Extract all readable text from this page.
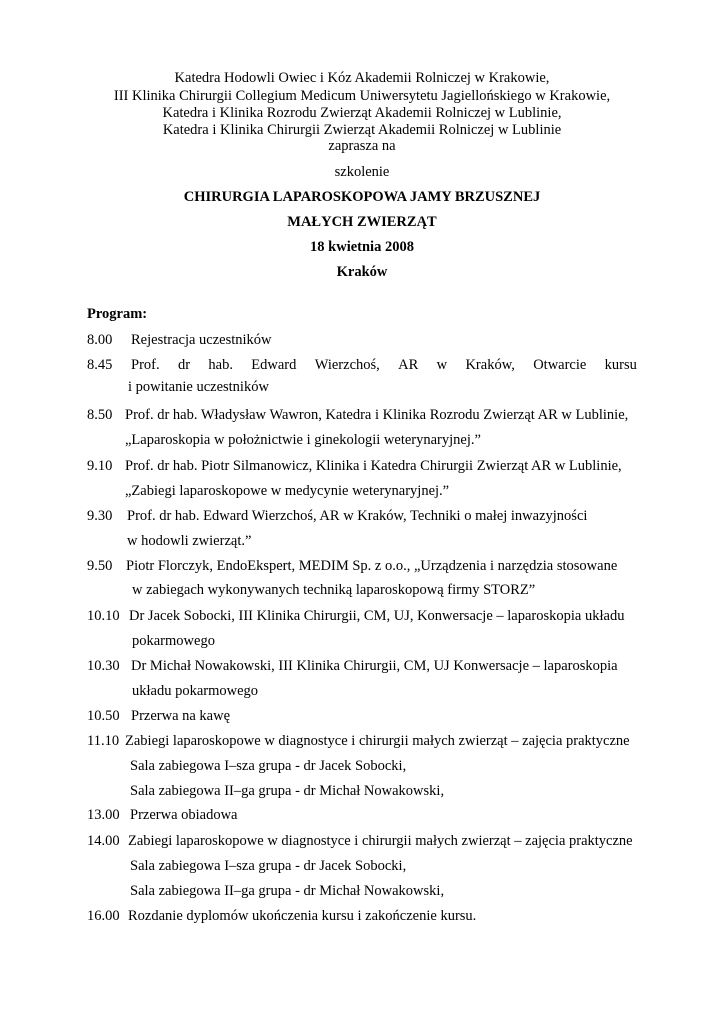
Katedra Hodowli Owiec i Kóz Akademii Rolniczej w Krakowie,
III Klinika Chirurgii Collegium Medicum Uniwersytetu Jagiellońskiego w Krakowie,
Katedra i Klinika Rozrodu Zwierząt Akademii Rolniczej w Lublinie,
Katedra i Klinika Chirurgii Zwierząt Akademii Rolniczej w Lublinie
zaprasza na
szkolenie
CHIRURGIA LAPAROSKOPOWA JAMY BRZUSZNEJ
MAŁYCH ZWIERZĄT
18 kwietnia 2008
Kraków
Program:
8.00 Rejestracja uczestników
8.45 Prof. dr hab. Edward Wierzchoś, AR w Kraków, Otwarcie kursu
i powitanie uczestników
8.50 Prof. dr hab. Władysław Wawron, Katedra i Klinika Rozrodu Zwierząt AR w Lublinie,
„Laparoskopia w położnictwie i ginekologii weterynaryjnej.”
9.10 Prof. dr hab. Piotr Silmanowicz, Klinika i Katedra Chirurgii Zwierząt AR w Lublinie,
„Zabiegi laparoskopowe w medycynie weterynaryjnej.”
9.30 Prof. dr hab. Edward Wierzchoś, AR w Kraków, Techniki o małej inwazyjności
w hodowli zwierząt.”
9.50 Piotr Florczyk, EndoEkspert, MEDIM Sp. z o.o., „Urządzenia i narzędzia stosowane
w zabiegach wykonywanych techniką laparoskopową firmy STORZ”
10.10 Dr Jacek Sobocki, III Klinika Chirurgii, CM, UJ, Konwersacje – laparoskopia układu
pokarmowego
10.30 Dr Michał Nowakowski, III Klinika Chirurgii, CM, UJ Konwersacje – laparoskopia
układu pokarmowego
10.50 Przerwa na kawę
11.10 Zabiegi laparoskopowe w diagnostyce i chirurgii małych zwierząt – zajęcia praktyczne
Sala zabiegowa I–sza grupa - dr Jacek Sobocki,
Sala zabiegowa II–ga grupa - dr Michał Nowakowski,
13.00 Przerwa obiadowa
14.00 Zabiegi laparoskopowe w diagnostyce i chirurgii małych zwierząt – zajęcia praktyczne
Sala zabiegowa I–sza grupa - dr Jacek Sobocki,
Sala zabiegowa II–ga grupa - dr Michał Nowakowski,
16.00 Rozdanie dyplomów ukończenia kursu i zakończenie kursu.
